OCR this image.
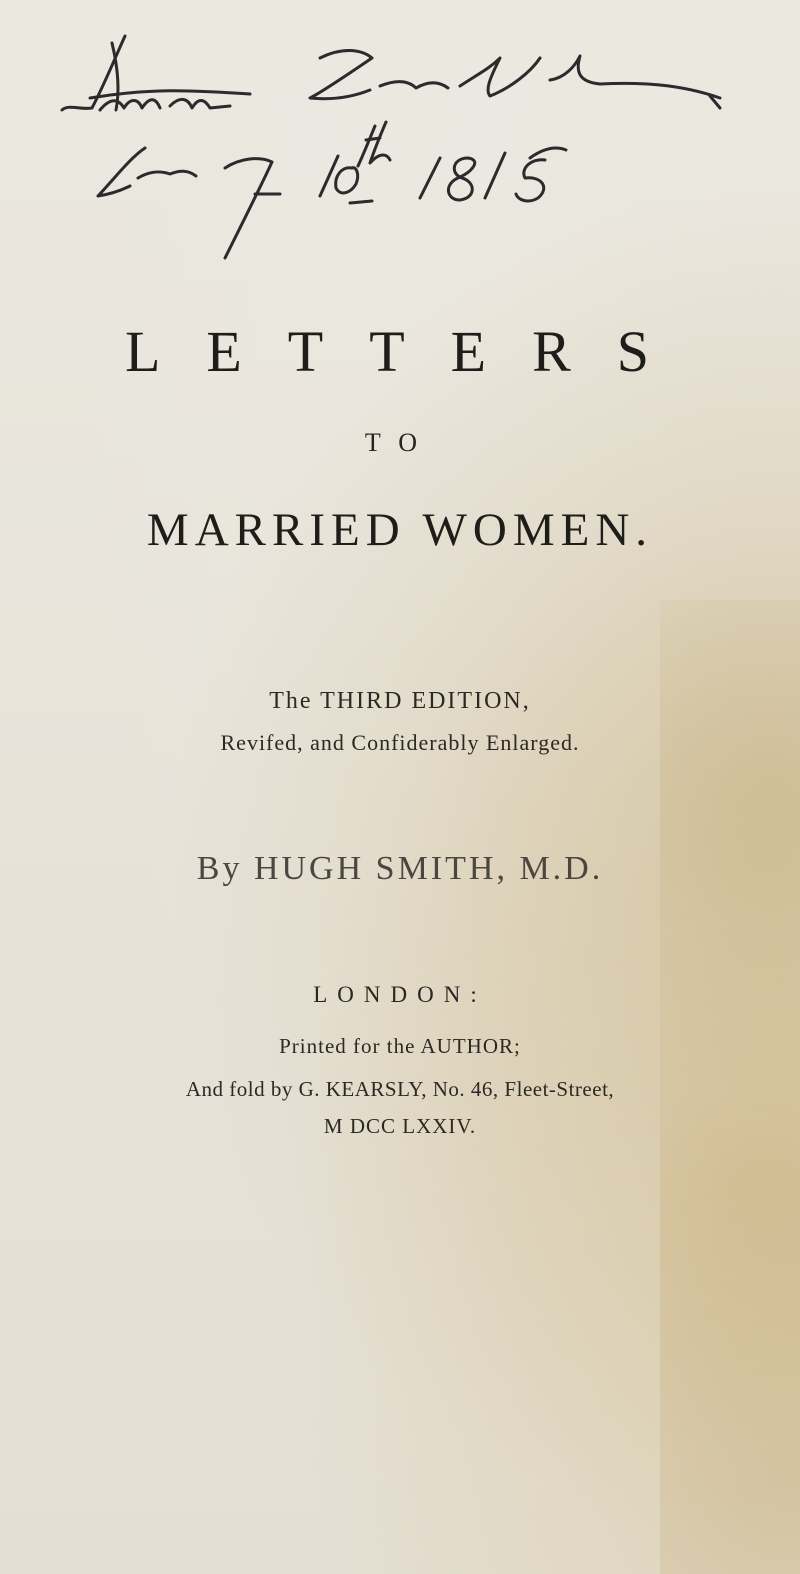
LETTERS
TO
MARRIED WOMEN.
The THIRD EDITION,
Revifed, and Confiderably Enlarged.
By HUGH SMITH, M.D.
LONDON:
Printed for the AUTHOR;
And fold by G. KEARSLY, No. 46, Fleet-Street,
M DCC LXXIV.
